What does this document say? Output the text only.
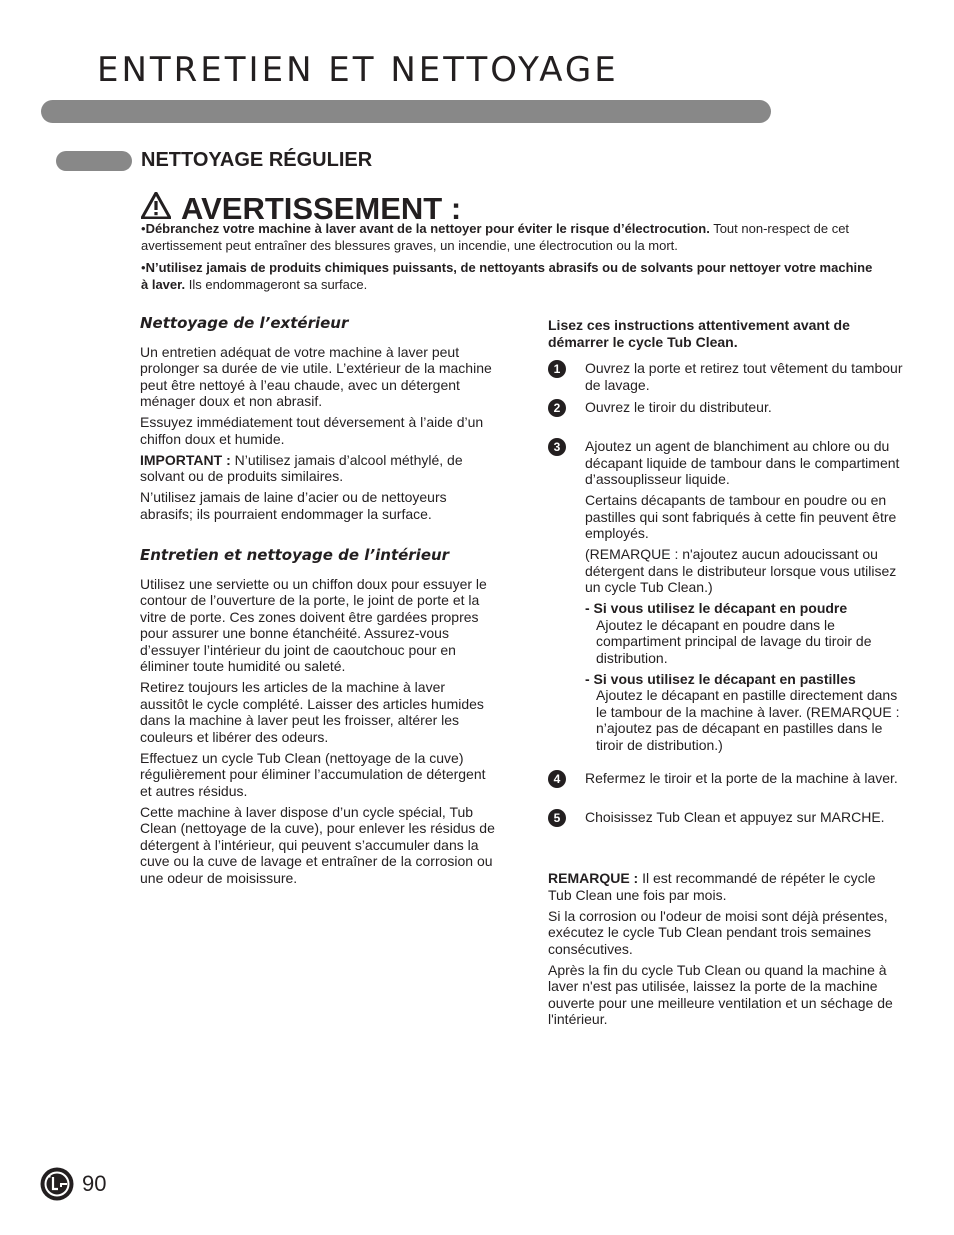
ENTRETIEN ET NETTOYAGE
NETTOYAGE RÉGULIER
AVERTISSEMENT :
•Débranchez votre machine à laver avant de la nettoyer pour éviter le risque d’électrocution. Tout non-respect de cet avertissement peut entraîner des blessures graves, un incendie, une électrocution ou la mort.
•N’utilisez jamais de produits chimiques puissants, de nettoyants abrasifs ou de solvants pour nettoyer votre machine à laver. Ils endommageront sa surface.
Nettoyage de l’extérieur

Un entretien adéquat de votre machine à laver peut prolonger sa durée de vie utile. L’extérieur de la machine peut être nettoyé à l’eau chaude, avec un détergent ménager doux et non abrasif.

Essuyez immédiatement tout déversement à l’aide d’un chiffon doux et humide.

IMPORTANT : N’utilisez jamais d’alcool méthylé, de solvant ou de produits similaires.

N’utilisez jamais de laine d’acier ou de nettoyeurs abrasifs; ils pourraient endommager la surface.

Entretien et nettoyage de l’intérieur

Utilisez une serviette ou un chiffon doux pour essuyer le contour de l’ouverture de la porte, le joint de porte et la vitre de porte. Ces zones doivent être gardées propres pour assurer une bonne étanchéité. Assurez-vous d’essuyer l’intérieur du joint de caoutchouc pour en éliminer toute humidité ou saleté.

Retirez toujours les articles de la machine à laver aussitôt le cycle complété. Laisser des articles humides dans la machine à laver peut les froisser, altérer les couleurs et libérer des odeurs.

Effectuez un cycle Tub Clean (nettoyage de la cuve) régulièrement pour éliminer l’accumulation de détergent et autres résidus.

Cette machine à laver dispose d’un cycle spécial, Tub Clean (nettoyage de la cuve), pour enlever les résidus de détergent à l’intérieur, qui peuvent s’accumuler dans la cuve ou la cuve de lavage et entraîner de la corrosion ou une odeur de moisissure.

Lisez ces instructions attentivement avant de démarrer le cycle Tub Clean.
1	Ouvrez la porte et retirez tout vêtement du tambour de lavage.

2	Ouvrez le tiroir du distributeur.

3	Ajoutez un agent de blanchiment au chlore ou du décapant liquide de tambour dans le compartiment d’assouplisseur liquide.

Certains décapants de tambour en poudre ou en pastilles qui sont fabriqués à cette fin peuvent être employés.

(REMARQUE : n'ajoutez aucun adoucissant ou détergent dans le distributeur lorsque vous utilisez un cycle Tub Clean.)

- Si vous utilisez le décapant en poudre
Ajoutez le décapant en poudre dans le compartiment principal de lavage du tiroir de distribution.
- Si vous utilisez le décapant en pastilles
Ajoutez le décapant en pastille directement dans le tambour de la machine à laver. (REMARQUE : n’ajoutez pas de décapant en pastilles dans le tiroir de distribution.)
4	Refermez le tiroir et la porte de la machine à laver.

5	Choisissez Tub Clean et appuyez sur MARCHE.

REMARQUE : Il est recommandé de répéter le cycle Tub Clean une fois par mois.

Si la corrosion ou l'odeur de moisi sont déjà présentes, exécutez le cycle Tub Clean pendant trois semaines consécutives.

Après la fin du cycle Tub Clean ou quand la machine à laver n'est pas utilisée, laissez la porte de la machine ouverte pour une meilleure ventilation et un séchage de l'intérieur.

90
